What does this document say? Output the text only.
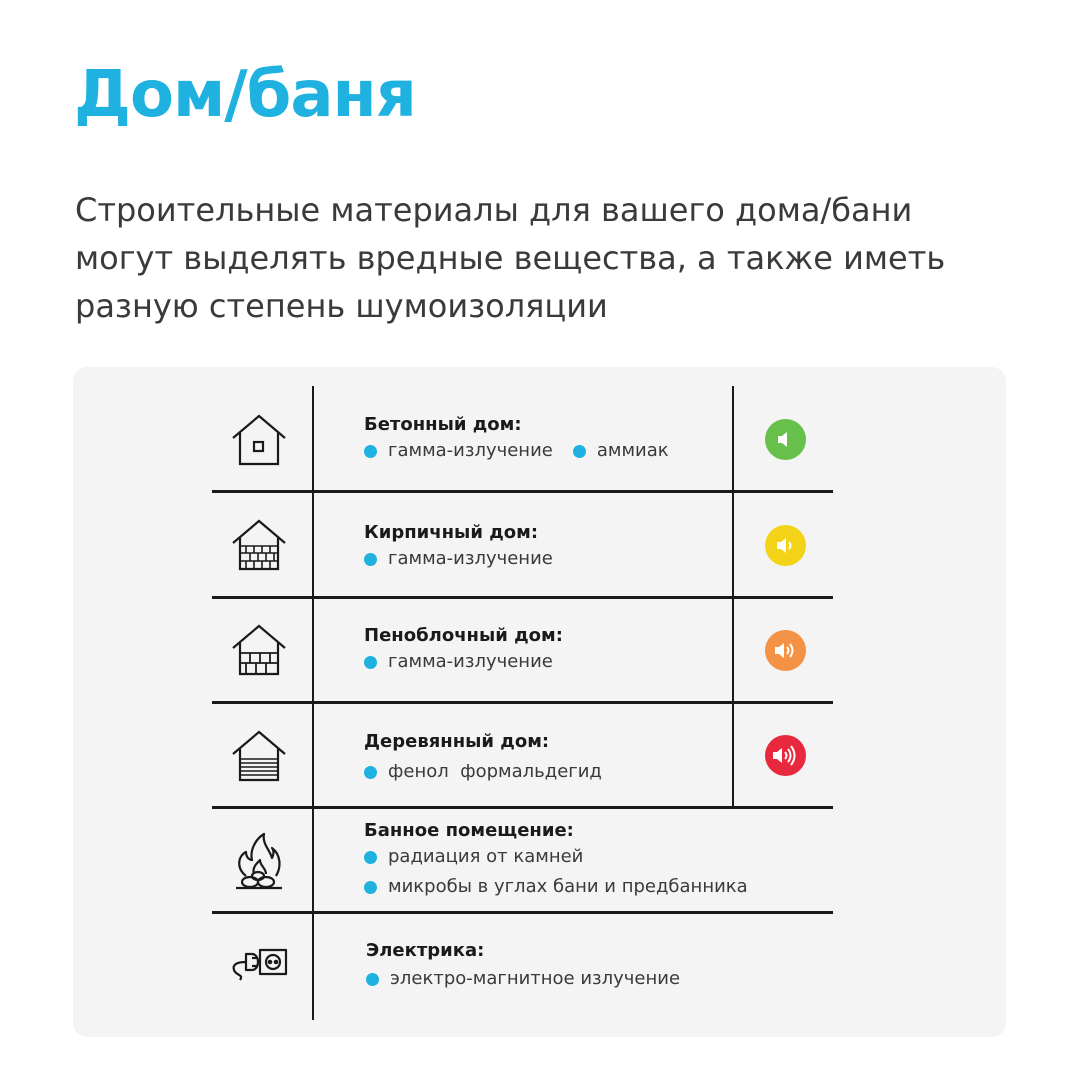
Дом/баня
Строительные материалы для вашего дома/бани
могут выделять вредные вещества, а также иметь
разную степень шумоизоляции
Бетонный дом:
гамма-излучение аммиак
Кирпичный дом:
гамма-излучение
Пеноблочный дом:
гамма-излучение
Деревянный дом:
фенол  формальдегид
Банное помещение:
радиация от камней
микробы в углах бани и предбанника
Электрика:
электро-магнитное излучение
